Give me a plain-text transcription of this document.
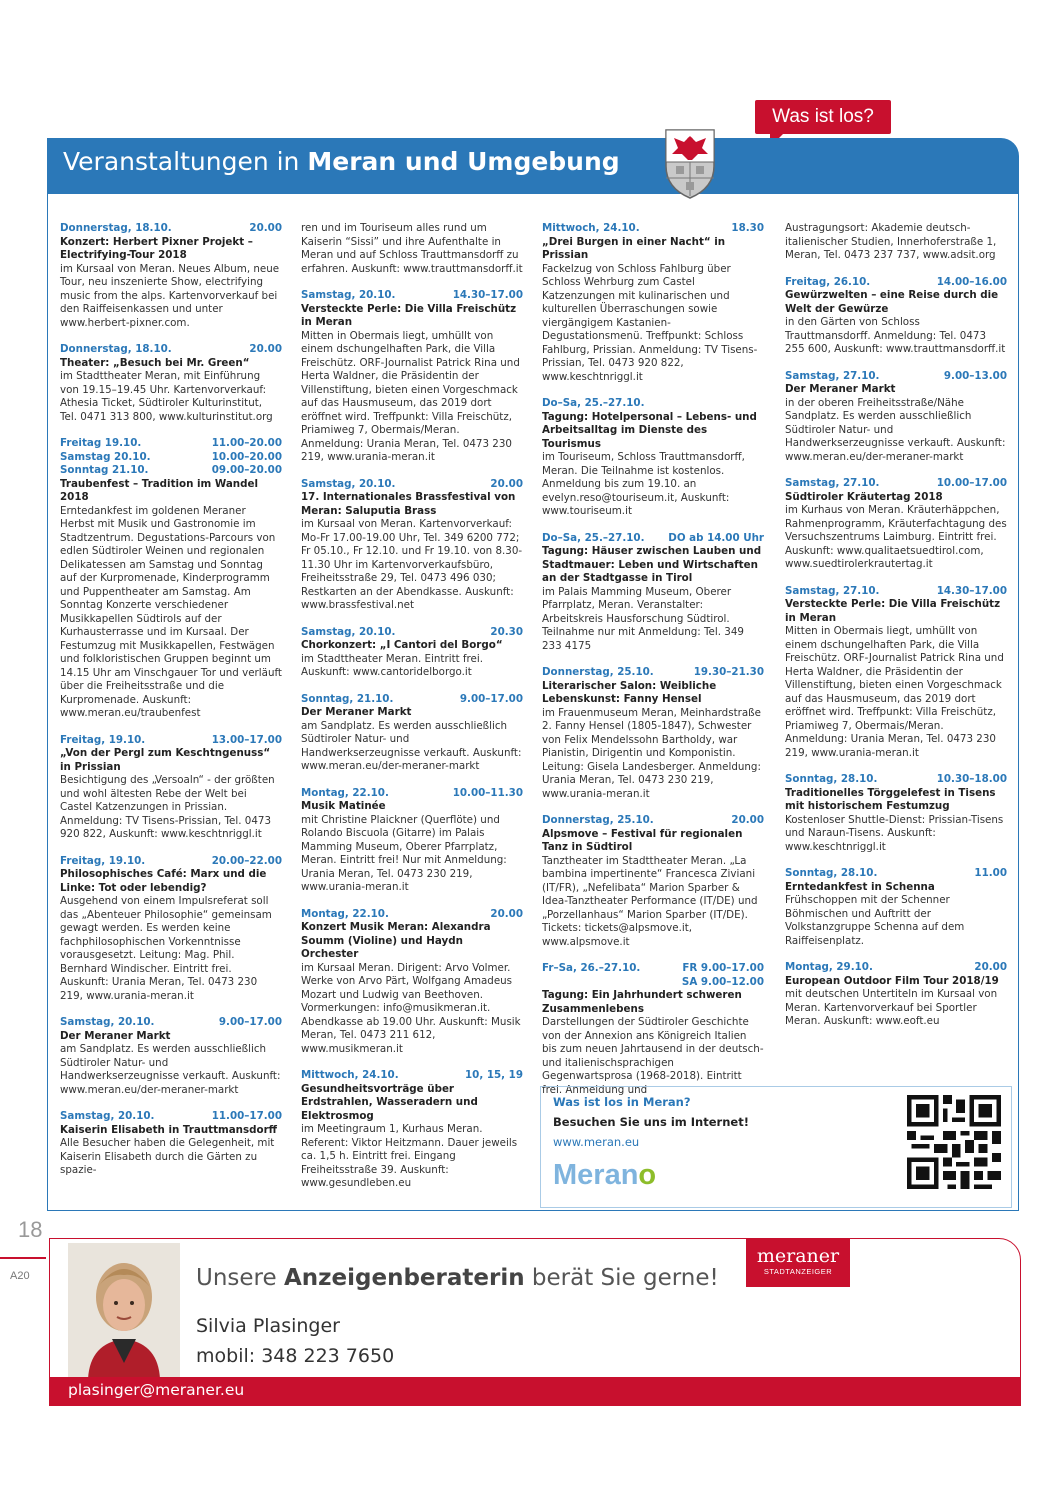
Was ist los?
Veranstaltungen in Meran und Umgebung
Donnerstag, 18.10.	20.00
Konzert: Herbert Pixner Projekt – Electrifying-Tour 2018
im Kursaal von Meran. Neues Album, neue Tour, neu inszenierte Show, electrifying music from the alps. Kartenvorverkauf bei den Raiffeisenkassen und unter www.herbert-pixner.com.
Donnerstag, 18.10.	20.00
Theater: „Besuch bei Mr. Green“
im Stadttheater Meran, mit Einführung von 19.15–19.45 Uhr. Kartenvorverkauf: Athesia Ticket, Südtiroler Kulturinstitut, Tel. 0471 313 800, www.kulturinstitut.org
Freitag 19.10.	11.00–20.00
Samstag 20.10.	10.00–20.00
Sonntag 21.10.	09.00–20.00
Traubenfest – Tradition im Wandel 2018
Erntedankfest im goldenen Meraner Herbst mit Musik und Gastronomie im Stadtzentrum. Degustations-Parcours von edlen Südtiroler Weinen und regionalen Delikatessen am Samstag und Sonntag auf der Kurpromenade, Kinderprogramm und Puppentheater am Samstag. Am Sonntag Konzerte verschiedener Musikkapellen Südtirols auf der Kurhausterrasse und im Kursaal. Der Festumzug mit Musikkapellen, Festwägen und folkloristischen Gruppen beginnt um 14.15 Uhr am Vinschgauer Tor und verläuft über die Freiheitsstraße und die Kurpromenade. Auskunft: www.meran.eu/traubenfest
Freitag, 19.10.	13.00–17.00
„Von der Pergl zum Keschtngenuss“ in Prissian
Besichtigung des „Versoaln“ - der größten und wohl ältesten Rebe der Welt bei Castel Katzenzungen in Prissian. Anmeldung: TV Tisens-Prissian, Tel. 0473 920 822, Auskunft: www.keschtnriggl.it
Freitag, 19.10.	20.00–22.00
Philosophisches Café: Marx und die Linke: Tot oder lebendig?
Ausgehend von einem Impulsreferat soll das „Abenteuer Philosophie“ gemeinsam gewagt werden. Es werden keine fachphilosophischen Vorkenntnisse vorausgesetzt. Leitung: Mag. Phil. Bernhard Windischer. Eintritt frei. Auskunft: Urania Meran, Tel. 0473 230 219, www.urania-meran.it
Samstag, 20.10.	9.00–17.00
Der Meraner Markt
am Sandplatz. Es werden ausschließlich Südtiroler Natur- und Handwerkserzeugnisse verkauft. Auskunft: www.meran.eu/der-meraner-markt
Samstag, 20.10.	11.00–17.00
Kaiserin Elisabeth in Trauttmansdorff
Alle Besucher haben die Gelegenheit, mit Kaiserin Elisabeth durch die Gärten zu spazie-
ren und im Touriseum alles rund um Kaiserin “Sissi” und ihre Aufenthalte in Meran und auf Schloss Trauttmansdorff zu erfahren. Auskunft: www.trauttmansdorff.it
Samstag, 20.10.	14.30–17.00
Versteckte Perle: Die Villa Freischütz in Meran
Mitten in Obermais liegt, umhüllt von einem dschungelhaften Park, die Villa Freischütz. ORF-Journalist Patrick Rina und Herta Waldner, die Präsidentin der Villenstiftung, bieten einen Vorgeschmack auf das Hausmuseum, das 2019 dort eröffnet wird. Treffpunkt: Villa Freischütz, Priamiweg 7, Obermais/Meran. Anmeldung: Urania Meran, Tel. 0473 230 219, www.urania-meran.it
Samstag, 20.10.	20.00
17. Internationales Brassfestival von Meran: Saluputia Brass
im Kursaal von Meran. Kartenvorverkauf: Mo-Fr 17.00-19.00 Uhr, Tel. 349 6200 772; Fr 05.10., Fr 12.10. und Fr 19.10. von 8.30-11.30 Uhr im Kartenvorverkaufsbüro, Freiheitsstraße 29, Tel. 0473 496 030; Restkarten an der Abendkasse. Auskunft: www.brassfestival.net
Samstag, 20.10.	20.30
Chorkonzert: „I Cantori del Borgo“
im Stadttheater Meran. Eintritt frei. Auskunft: www.cantoridelborgo.it
Sonntag, 21.10.	9.00–17.00
Der Meraner Markt
am Sandplatz. Es werden ausschließlich Südtiroler Natur- und Handwerkserzeugnisse verkauft. Auskunft: www.meran.eu/der-meraner-markt
Montag, 22.10.	10.00–11.30
Musik Matinée
mit Christine Plaickner (Querflöte) und Rolando Biscuola (Gitarre) im Palais Mamming Museum, Oberer Pfarrplatz, Meran. Eintritt frei! Nur mit Anmeldung: Urania Meran, Tel. 0473 230 219, www.urania-meran.it
Montag, 22.10.	20.00
Konzert Musik Meran: Alexandra Soumm (Violine) und Haydn Orchester
im Kursaal Meran. Dirigent: Arvo Volmer. Werke von Arvo Pärt, Wolfgang Amadeus Mozart und Ludwig van Beethoven. Vormerkungen: info@musikmeran.it. Abendkasse ab 19.00 Uhr. Auskunft: Musik Meran, Tel. 0473 211 612, www.musikmeran.it
Mittwoch, 24.10.	10, 15, 19
Gesundheitsvorträge über Erdstrahlen, Wasseradern und Elektrosmog
im Meetingraum 1, Kurhaus Meran. Referent: Viktor Heitzmann. Dauer jeweils ca. 1,5 h. Eintritt frei. Eingang Freiheitsstraße 39. Auskunft: www.gesundleben.eu
Mittwoch, 24.10.	18.30
„Drei Burgen in einer Nacht“ in Prissian
Fackelzug von Schloss Fahlburg über Schloss Wehrburg zum Castel Katzenzungen mit kulinarischen und kulturellen Überraschungen sowie viergängigem Kastanien-Degustationsmenü. Treffpunkt: Schloss Fahlburg, Prissian. Anmeldung: TV Tisens-Prissian, Tel. 0473 920 822, www.keschtnriggl.it
Do–Sa, 25.–27.10.
Tagung: Hotelpersonal – Lebens- und Arbeitsalltag im Dienste des Tourismus
im Touriseum, Schloss Trauttmansdorff, Meran. Die Teilnahme ist kostenlos. Anmeldung bis zum 19.10. an evelyn.reso@touriseum.it, Auskunft: www.touriseum.it
Do–Sa, 25.–27.10. DO ab 14.00 Uhr
Tagung: Häuser zwischen Lauben und Stadtmauer: Leben und Wirtschaften an der Stadtgasse in Tirol
im Palais Mamming Museum, Oberer Pfarrplatz, Meran. Veranstalter: Arbeitskreis Hausforschung Südtirol. Teilnahme nur mit Anmeldung: Tel. 349 233 4175
Donnerstag, 25.10.	19.30–21.30
Literarischer Salon: Weibliche Lebenskunst: Fanny Hensel
im Frauenmuseum Meran, Meinhardstraße 2. Fanny Hensel (1805-1847), Schwester von Felix Mendelssohn Bartholdy, war Pianistin, Dirigentin und Komponistin. Leitung: Gisela Landesberger. Anmeldung: Urania Meran, Tel. 0473 230 219, www.urania-meran.it
Donnerstag, 25.10.	20.00
Alpsmove – Festival für regionalen Tanz in Südtirol
Tanztheater im Stadttheater Meran. „La bambina impertinente“ Francesca Ziviani (IT/FR), „Nefelibata“ Marion Sparber & Idea-Tanztheater Performance (IT/DE) und „Porzellanhaus“ Marion Sparber (IT/DE). Tickets: tickets@alpsmove.it, www.alpsmove.it
Fr–Sa, 26.–27.10.	FR 9.00–17.00
SA 9.00–12.00
Tagung: Ein Jahrhundert schweren Zusammenlebens
Darstellungen der Südtiroler Geschichte von der Annexion ans Königreich Italien bis zum neuen Jahrtausend in der deutsch- und italienischsprachigen Gegenwartsprosa (1968-2018). Eintritt frei. Anmeldung und
Austragungsort: Akademie deutsch-italienischer Studien, Innerhoferstraße 1, Meran, Tel. 0473 237 737, www.adsit.org
Freitag, 26.10.	14.00–16.00
Gewürzwelten – eine Reise durch die Welt der Gewürze
in den Gärten von Schloss Trauttmansdorff. Anmeldung: Tel. 0473 255 600, Auskunft: www.trauttmansdorff.it
Samstag, 27.10.	9.00–13.00
Der Meraner Markt
in der oberen Freiheitsstraße/Nähe Sandplatz. Es werden ausschließlich Südtiroler Natur- und Handwerkserzeugnisse verkauft. Auskunft: www.meran.eu/der-meraner-markt
Samstag, 27.10.	10.00–17.00
Südtiroler Kräutertag 2018
im Kurhaus von Meran. Kräuterhäppchen, Rahmenprogramm, Kräuterfachtagung des Versuchszentrums Laimburg. Eintritt frei. Auskunft: www.qualitaetsuedtirol.com, www.suedtirolerkrautertag.it
Samstag, 27.10.	14.30–17.00
Versteckte Perle: Die Villa Freischütz in Meran
Mitten in Obermais liegt, umhüllt von einem dschungelhaften Park, die Villa Freischütz. ORF-Journalist Patrick Rina und Herta Waldner, die Präsidentin der Villenstiftung, bieten einen Vorgeschmack auf das Hausmuseum, das 2019 dort eröffnet wird. Treffpunkt: Villa Freischütz, Priamiweg 7, Obermais/Meran. Anmeldung: Urania Meran, Tel. 0473 230 219, www.urania-meran.it
Sonntag, 28.10.	10.30–18.00
Traditionelles Törggelefest in Tisens mit historischem Festumzug
Kostenloser Shuttle-Dienst: Prissian-Tisens und Naraun-Tisens. Auskunft: www.keschtnriggl.it
Sonntag, 28.10.	11.00
Erntedankfest in Schenna
Frühschoppen mit der Schenner Böhmischen und Auftritt der Volkstanzgruppe Schenna auf dem Raiffeisenplatz.
Montag, 29.10.	20.00
European Outdoor Film Tour 2018/19
mit deutschen Untertiteln im Kursaal von Meran. Kartenvorverkauf bei Sportler Meran. Auskunft: www.eoft.eu
Was ist los in Meran?
Besuchen Sie uns im Internet!
www.meran.eu
Merano
18
A20	Unsere Anzeigenberaterin berät Sie gerne!
Silvia Plasinger
mobil: 348 223 7650
meraner
STADTANZEIGER
plasinger@meraner.eu
